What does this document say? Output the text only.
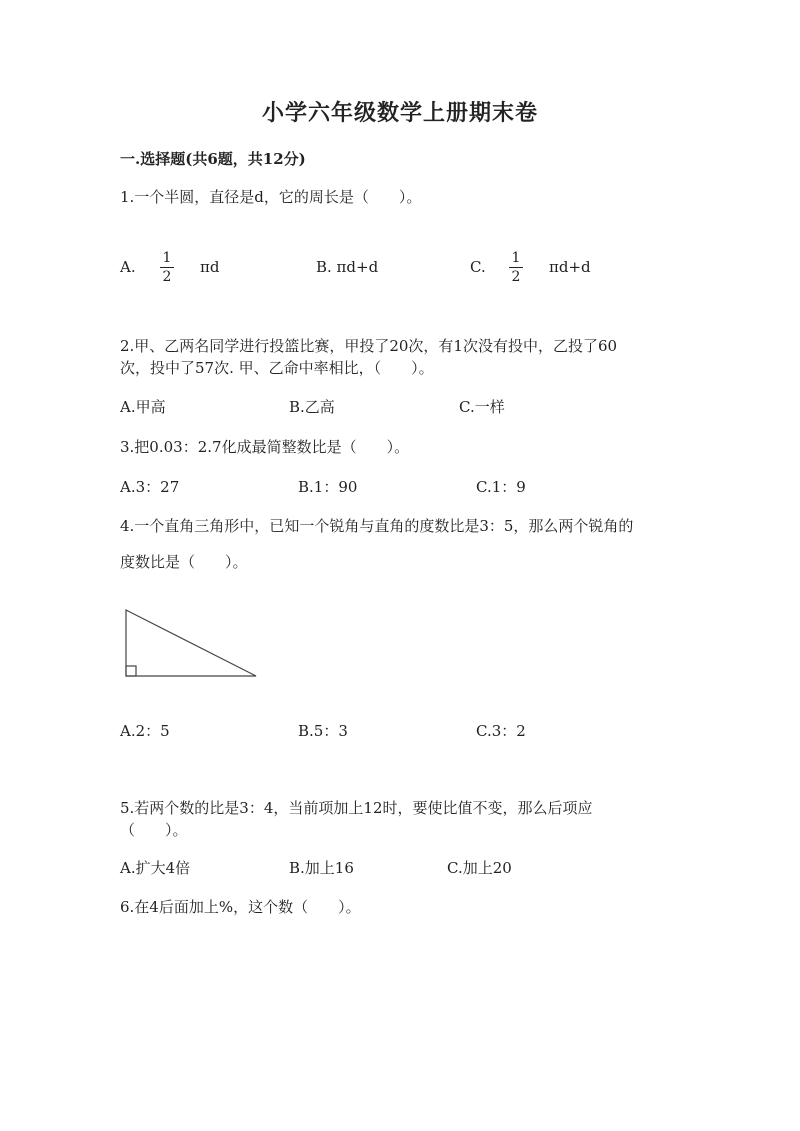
小学六年级数学上册期末卷
一.选择题(共6题，共12分)
1.一个半圆，直径是d，它的周长是（　　）。
A. 1
2
πd	B. πd+d	C. 1
2
πd+d
2.甲、乙两名同学进行投篮比赛，甲投了20次，有1次没有投中，乙投了60
次，投中了57次. 甲、乙命中率相比，（　　）。
A.甲高	B.乙高	C.一样
3.把0.03：2.7化成最简整数比是（　　）。
A.3：27	B.1：90	C.1：9
4.一个直角三角形中，已知一个锐角与直角的度数比是3：5，那么两个锐角的
度数比是（　　）。
A.2：5	B.5：3	C.3：2
5.若两个数的比是3：4，当前项加上12时，要使比值不变，那么后项应
（　　）。
A.扩大4倍	B.加上16	C.加上20
6.在4后面加上%，这个数（　　）。
